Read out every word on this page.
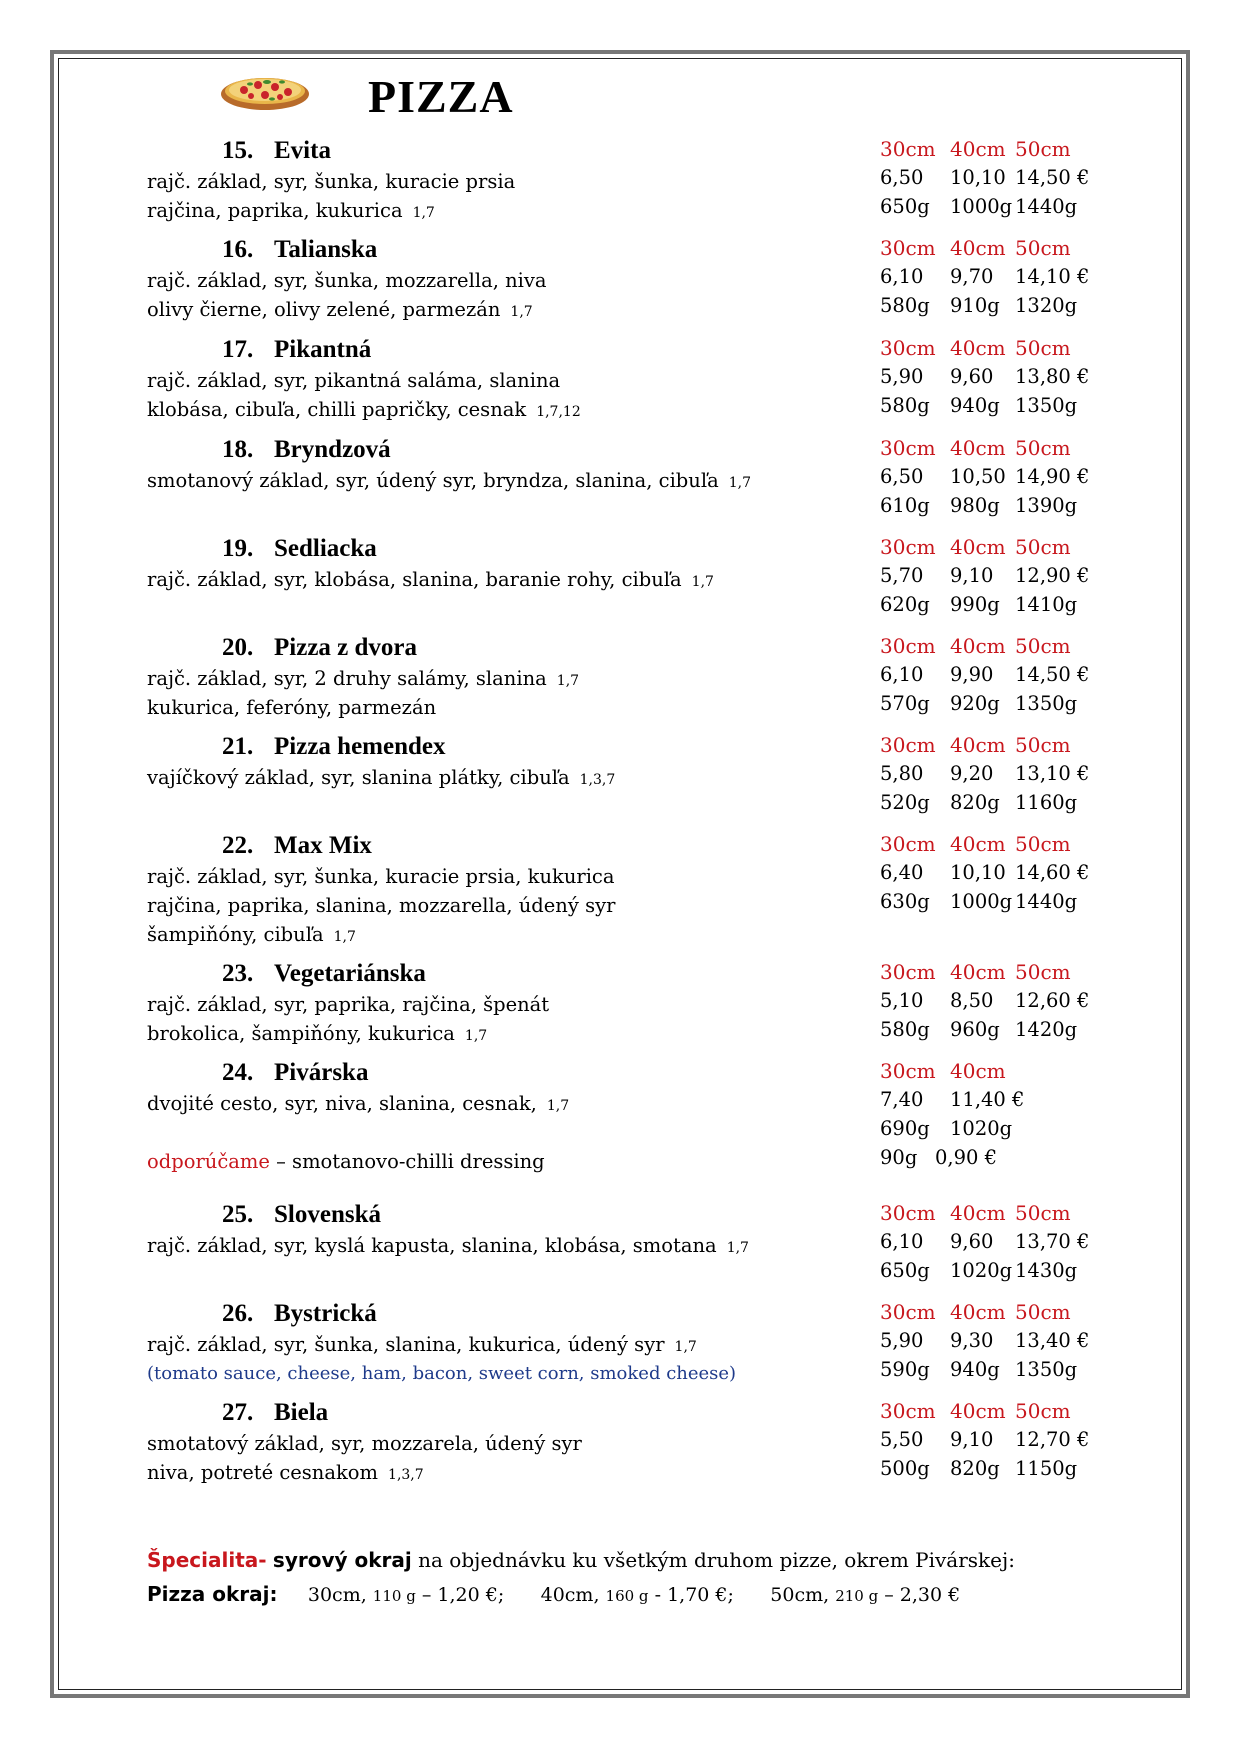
PIZZA
15. Evita
rajč. základ, syr, šunka, kuracie prsia
rajčina, paprika, kukurica 1,7
30cm 40cm 50cm
6,50 10,10 14,50 €
650g 1000g 1440g
16. Talianska
rajč. základ, syr, šunka, mozzarella, niva
olivy čierne, olivy zelené, parmezán 1,7
30cm 40cm 50cm
6,10 9,70 14,10 €
580g 910g 1320g
17. Pikantná
rajč. základ, syr, pikantná saláma, slanina
klobása, cibuľa, chilli papričky, cesnak 1,7,12
30cm 40cm 50cm
5,90 9,60 13,80 €
580g 940g 1350g
18. Bryndzová
smotanový základ, syr, údený syr, bryndza, slanina, cibuľa 1,7
30cm 40cm 50cm
6,50 10,50 14,90 €
610g 980g 1390g
19. Sedliacka
rajč. základ, syr, klobása, slanina, baranie rohy, cibuľa 1,7
30cm 40cm 50cm
5,70 9,10 12,90 €
620g 990g 1410g
20. Pizza z dvora
rajč. základ, syr, 2 druhy salámy, slanina 1,7
kukurica, feferóny, parmezán
30cm 40cm 50cm
6,10 9,90 14,50 €
570g 920g 1350g
21. Pizza hemendex
vajíčkový základ, syr, slanina plátky, cibuľa 1,3,7
30cm 40cm 50cm
5,80 9,20 13,10 €
520g 820g 1160g
22. Max Mix
rajč. základ, syr, šunka, kuracie prsia, kukurica
rajčina, paprika, slanina, mozzarella, údený syr
šampiňóny, cibuľa 1,7
30cm 40cm 50cm
6,40 10,10 14,60 €
630g 1000g 1440g
23. Vegetariánska
rajč. základ, syr, paprika, rajčina, špenát
brokolica, šampiňóny, kukurica 1,7
30cm 40cm 50cm
5,10 8,50 12,60 €
580g 960g 1420g
24. Pivárska
dvojité cesto, syr, niva, slanina, cesnak, 1,7
odporúčame – smotanovo-chilli dressing
30cm 40cm
7,40 11,40 €
690g 1020g
90g 0,90 €
25. Slovenská
rajč. základ, syr, kyslá kapusta, slanina, klobása, smotana 1,7
30cm 40cm 50cm
6,10 9,60 13,70 €
650g 1020g 1430g
26. Bystrická
rajč. základ, syr, šunka, slanina, kukurica, údený syr 1,7
(tomato sauce, cheese, ham, bacon, sweet corn, smoked cheese)
30cm 40cm 50cm
5,90 9,30 13,40 €
590g 940g 1350g
27. Biela
smotatový základ, syr, mozzarela, údený syr
niva, potreté cesnakom 1,3,7
30cm 40cm 50cm
5,50 9,10 12,70 €
500g 820g 1150g
Špecialita- syrový okraj na objednávku ku všetkým druhom pizze, okrem Pivárskej:
Pizza okraj: 30cm, 110 g – 1,20 €; 40cm, 160 g - 1,70 €; 50cm, 210 g – 2,30 €
